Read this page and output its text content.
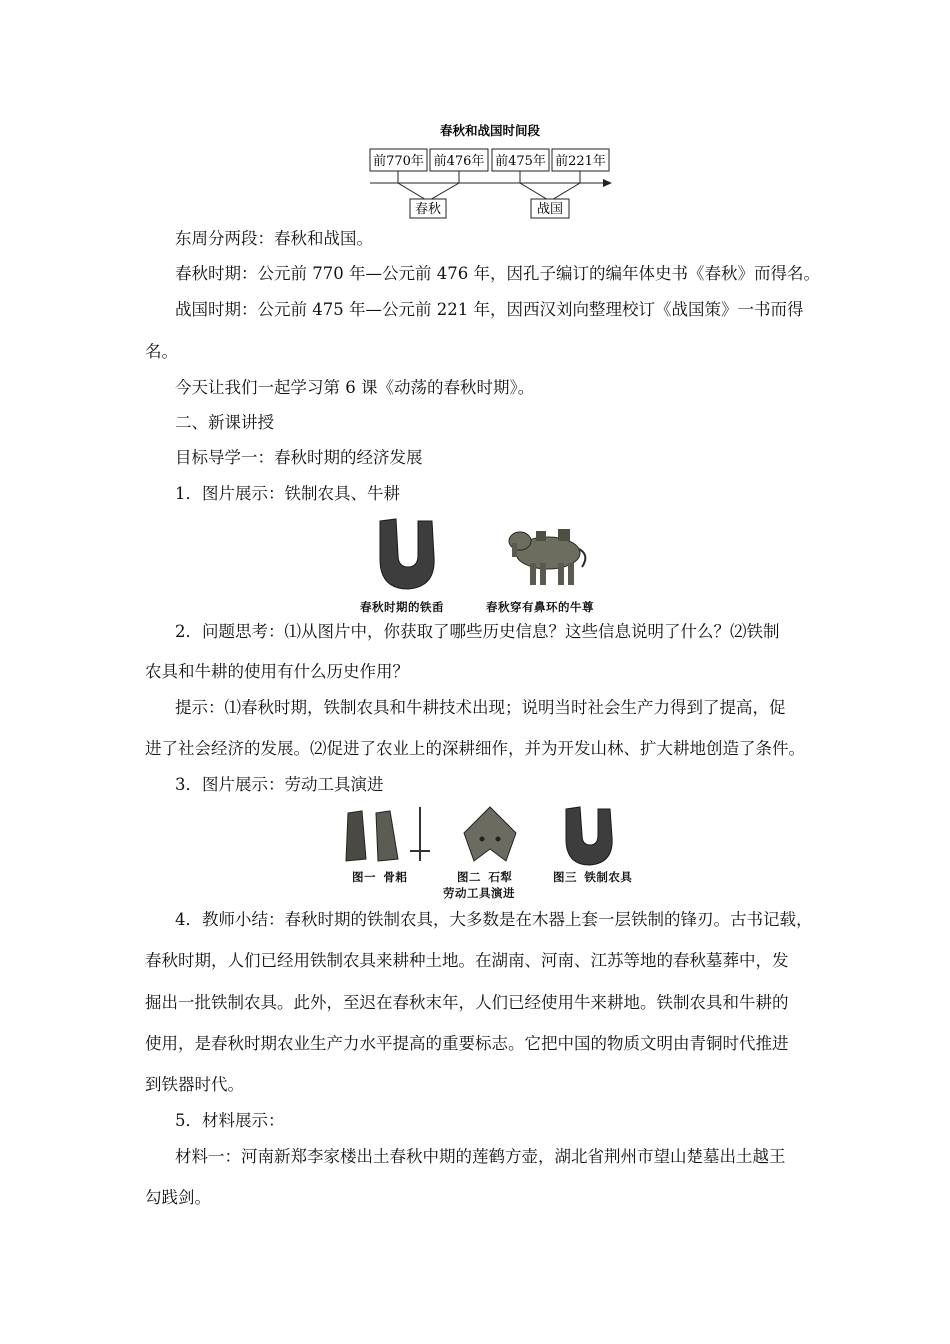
春秋和战国时间段
前770年 前476年 前475年 前221年
春秋	战国
东周分两段：春秋和战国。
春秋时期：公元前 770 年—公元前 476 年，因孔子编订的编年体史书《春秋》而得名。
战国时期：公元前 475 年—公元前 221 年，因西汉刘向整理校订《战国策》一书而得
名。
今天让我们一起学习第 6 课《动荡的春秋时期》。
二、新课讲授
目标导学一：春秋时期的经济发展
1．图片展示：铁制农具、牛耕
春秋时期的铁臿	春秋穿有鼻环的牛尊
2．问题思考：⑴从图片中，你获取了哪些历史信息？这些信息说明了什么？⑵铁制
农具和牛耕的使用有什么历史作用？
提示：⑴春秋时期，铁制农具和牛耕技术出现；说明当时社会生产力得到了提高，促
进了社会经济的发展。⑵促进了农业上的深耕细作，并为开发山林、扩大耕地创造了条件。
3．图片展示：劳动工具演进
图一 骨耜	图二 石犁	图三 铁制农具
劳动工具演进
4．教师小结：春秋时期的铁制农具，大多数是在木器上套一层铁制的锋刃。古书记载，
春秋时期，人们已经用铁制农具来耕种土地。在湖南、河南、江苏等地的春秋墓葬中，发
掘出一批铁制农具。此外，至迟在春秋末年，人们已经使用牛来耕地。铁制农具和牛耕的
使用，是春秋时期农业生产力水平提高的重要标志。它把中国的物质文明由青铜时代推进
到铁器时代。
5．材料展示：
材料一：河南新郑李家楼出土春秋中期的莲鹤方壶，湖北省荆州市望山楚墓出土越王
勾践剑。
